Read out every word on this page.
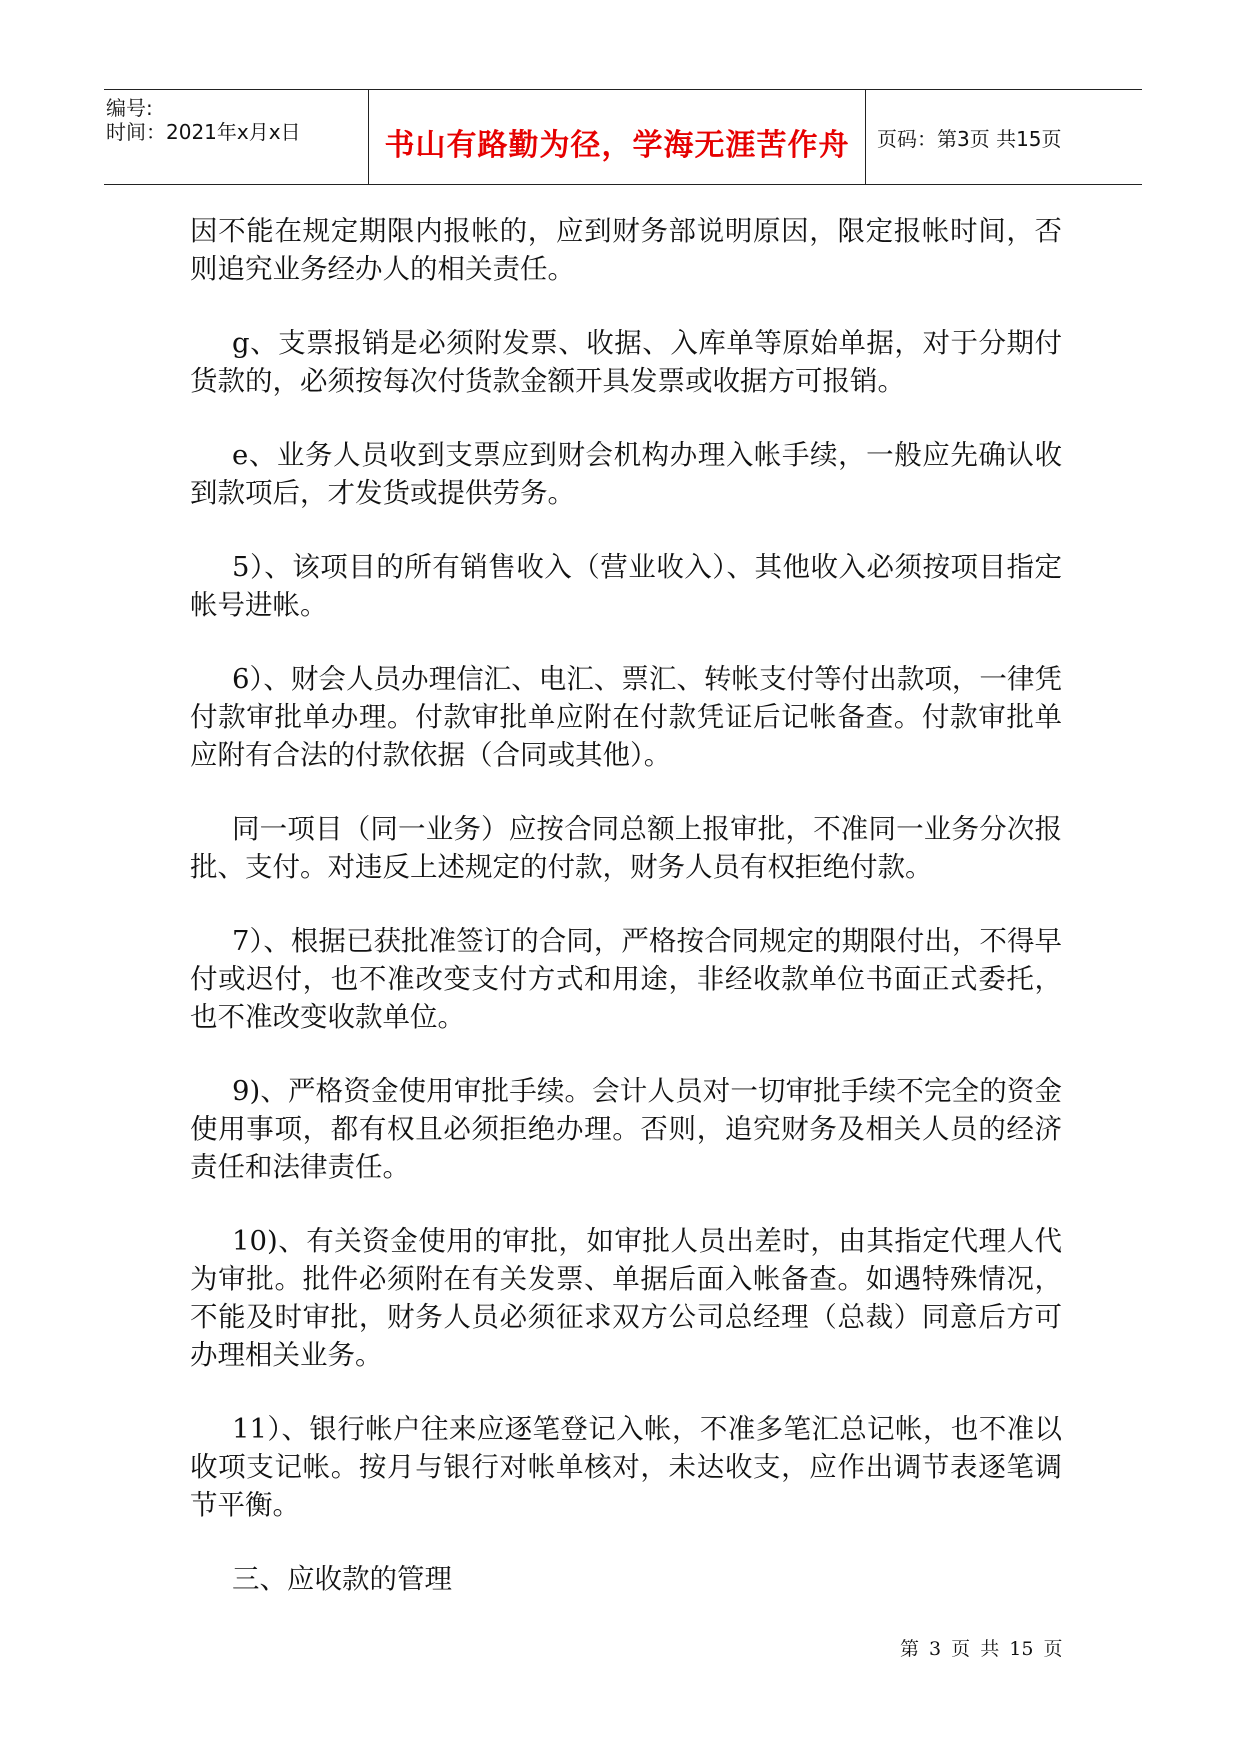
编号:
时间：2021年x月x日	书山有路勤为径，学海无涯苦作舟	页码：第3页 共15页

因不能在规定期限内报帐的，应到财务部说明原因，限定报帐时间，否则追究业务经办人的相关责任。

g、支票报销是必须附发票、收据、入库单等原始单据，对于分期付货款的，必须按每次付货款金额开具发票或收据方可报销。

e、业务人员收到支票应到财会机构办理入帐手续，一般应先确认收到款项后，才发货或提供劳务。

5）、该项目的所有销售收入（营业收入）、其他收入必须按项目指定帐号进帐。

6）、财会人员办理信汇、电汇、票汇、转帐支付等付出款项，一律凭付款审批单办理。付款审批单应附在付款凭证后记帐备查。付款审批单应附有合法的付款依据（合同或其他）。

同一项目（同一业务）应按合同总额上报审批，不准同一业务分次报批、支付。对违反上述规定的付款，财务人员有权拒绝付款。

7）、根据已获批准签订的合同，严格按合同规定的期限付出，不得早付或迟付，也不准改变支付方式和用途，非经收款单位书面正式委托，也不准改变收款单位。

9)、严格资金使用审批手续。会计人员对一切审批手续不完全的资金使用事项，都有权且必须拒绝办理。否则，追究财务及相关人员的经济责任和法律责任。

10)、有关资金使用的审批，如审批人员出差时，由其指定代理人代为审批。批件必须附在有关发票、单据后面入帐备查。如遇特殊情况，不能及时审批，财务人员必须征求双方公司总经理（总裁）同意后方可办理相关业务。

11）、银行帐户往来应逐笔登记入帐，不准多笔汇总记帐，也不准以收项支记帐。按月与银行对帐单核对，未达收支，应作出调节表逐笔调节平衡。

三、应收款的管理

第 3 页 共 15 页
